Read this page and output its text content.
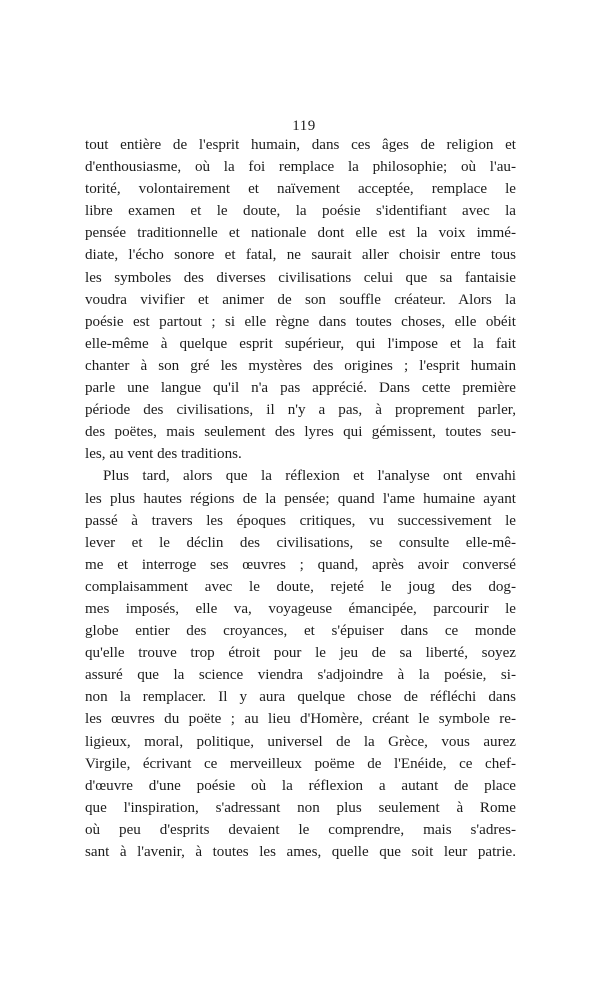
119
tout entière de l'esprit humain, dans ces âges de religion et
d'enthousiasme, où la foi remplace la philosophie; où l'au-
torité, volontairement et naïvement acceptée, remplace le
libre examen et le doute, la poésie s'identifiant avec la
pensée traditionnelle et nationale dont elle est la voix immé-
diate, l'écho sonore et fatal, ne saurait aller choisir entre tous
les symboles des diverses civilisations celui que sa fantaisie
voudra vivifier et animer de son souffle créateur. Alors la
poésie est partout ; si elle règne dans toutes choses, elle obéit
elle-même à quelque esprit supérieur, qui l'impose et la fait
chanter à son gré les mystères des origines ; l'esprit humain
parle une langue qu'il n'a pas apprécié. Dans cette première
période des civilisations, il n'y a pas, à proprement parler,
des poëtes, mais seulement des lyres qui gémissent, toutes seu-
les, au vent des traditions.
Plus tard, alors que la réflexion et l'analyse ont envahi
les plus hautes régions de la pensée; quand l'ame humaine ayant
passé à travers les époques critiques, vu successivement le
lever et le déclin des civilisations, se consulte elle-mê-
me et interroge ses œuvres ; quand, après avoir conversé
complaisamment avec le doute, rejeté le joug des dog-
mes imposés, elle va, voyageuse émancipée, parcourir le
globe entier des croyances, et s'épuiser dans ce monde
qu'elle trouve trop étroit pour le jeu de sa liberté, soyez
assuré que la science viendra s'adjoindre à la poésie, si-
non la remplacer. Il y aura quelque chose de réfléchi dans
les œuvres du poëte ; au lieu d'Homère, créant le symbole re-
ligieux, moral, politique, universel de la Grèce, vous aurez
Virgile, écrivant ce merveilleux poëme de l'Enéide, ce chef-
d'œuvre d'une poésie où la réflexion a autant de place
que l'inspiration, s'adressant non plus seulement à Rome
où peu d'esprits devaient le comprendre, mais s'adres-
sant à l'avenir, à toutes les ames, quelle que soit leur patrie.
